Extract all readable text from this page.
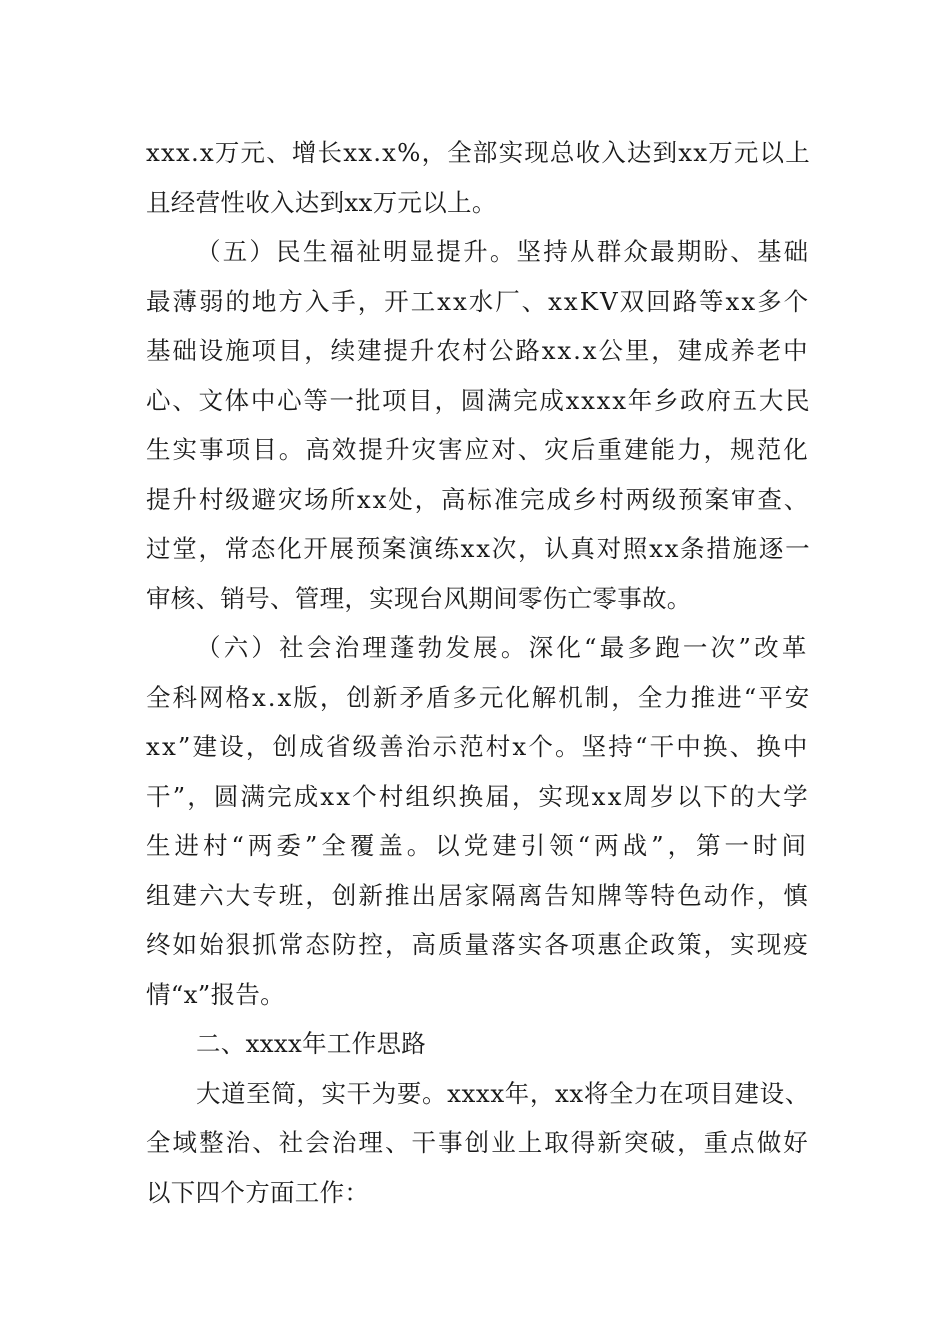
xxx.x万元、增长xx.x%，全部实现总收入达到xx万元以上
且经营性收入达到xx万元以上。
（五）民生福祉明显提升。坚持从群众最期盼、基础
最薄弱的地方入手，开工xx水厂、xxKV双回路等xx多个
基础设施项目，续建提升农村公路xx.x公里，建成养老中
心、文体中心等一批项目，圆满完成xxxx年乡政府五大民
生实事项目。高效提升灾害应对、灾后重建能力，规范化
提升村级避灾场所xx处，高标准完成乡村两级预案审查、
过堂，常态化开展预案演练xx次，认真对照xx条措施逐一
审核、销号、管理，实现台风期间零伤亡零事故。
（六）社会治理蓬勃发展。深化“最多跑一次”改革
全科网格x.x版，创新矛盾多元化解机制，全力推进“平安
xx”建设，创成省级善治示范村x个。坚持“干中换、换中
干”，圆满完成xx个村组织换届，实现xx周岁以下的大学
生进村“两委”全覆盖。以党建引领“两战”，第一时间
组建六大专班，创新推出居家隔离告知牌等特色动作，慎
终如始狠抓常态防控，高质量落实各项惠企政策，实现疫
情“x”报告。
二、xxxx年工作思路
大道至简，实干为要。xxxx年，xx将全力在项目建设、
全域整治、社会治理、干事创业上取得新突破，重点做好
以下四个方面工作：
